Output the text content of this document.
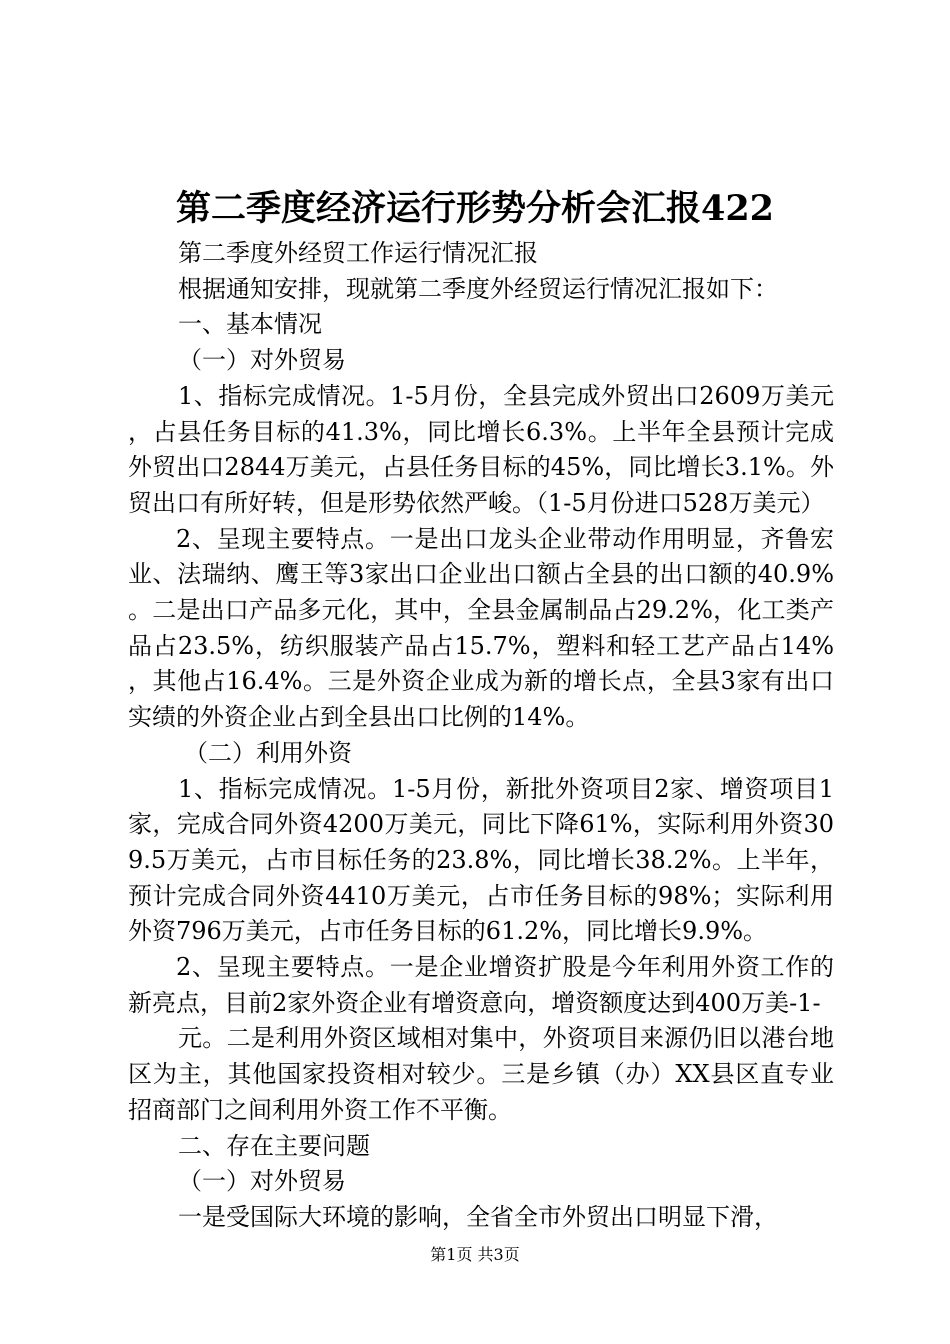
第二季度经济运行形势分析会汇报422

第二季度外经贸工作运行情况汇报

根据通知安排，现就第二季度外经贸运行情况汇报如下：

一、基本情况

（一）对外贸易

1、指标完成情况。1-5月份，全县完成外贸出口2609万美元，占县任务目标的41.3%，同比增长6.3%。上半年全县预计完成外贸出口2844万美元，占县任务目标的45%，同比增长3.1%。外贸出口有所好转，但是形势依然严峻。（1-5月份进口528万美元）

2、呈现主要特点。一是出口龙头企业带动作用明显，齐鲁宏业、法瑞纳、鹰王等3家出口企业出口额占全县的出口额的40.9%。二是出口产品多元化，其中，全县金属制品占29.2%，化工类产品占23.5%，纺织服装产品占15.7%，塑料和轻工艺产品占14%，其他占16.4%。三是外资企业成为新的增长点，全县3家有出口实绩的外资企业占到全县出口比例的14%。

（二）利用外资

1、指标完成情况。1-5月份，新批外资项目2家、增资项目1家，完成合同外资4200万美元，同比下降61%，实际利用外资309.5万美元，占市目标任务的23.8%，同比增长38.2%。上半年，预计完成合同外资4410万美元，占市任务目标的98%；实际利用外资796万美元，占市任务目标的61.2%，同比增长9.9%。

2、呈现主要特点。一是企业增资扩股是今年利用外资工作的新亮点，目前2家外资企业有增资意向，增资额度达到400万美-1-

元。二是利用外资区域相对集中，外资项目来源仍旧以港台地区为主，其他国家投资相对较少。三是乡镇（办）XX县区直专业招商部门之间利用外资工作不平衡。

二、存在主要问题

（一）对外贸易

一是受国际大环境的影响，全省全市外贸出口明显下滑，

第1页 共3页
